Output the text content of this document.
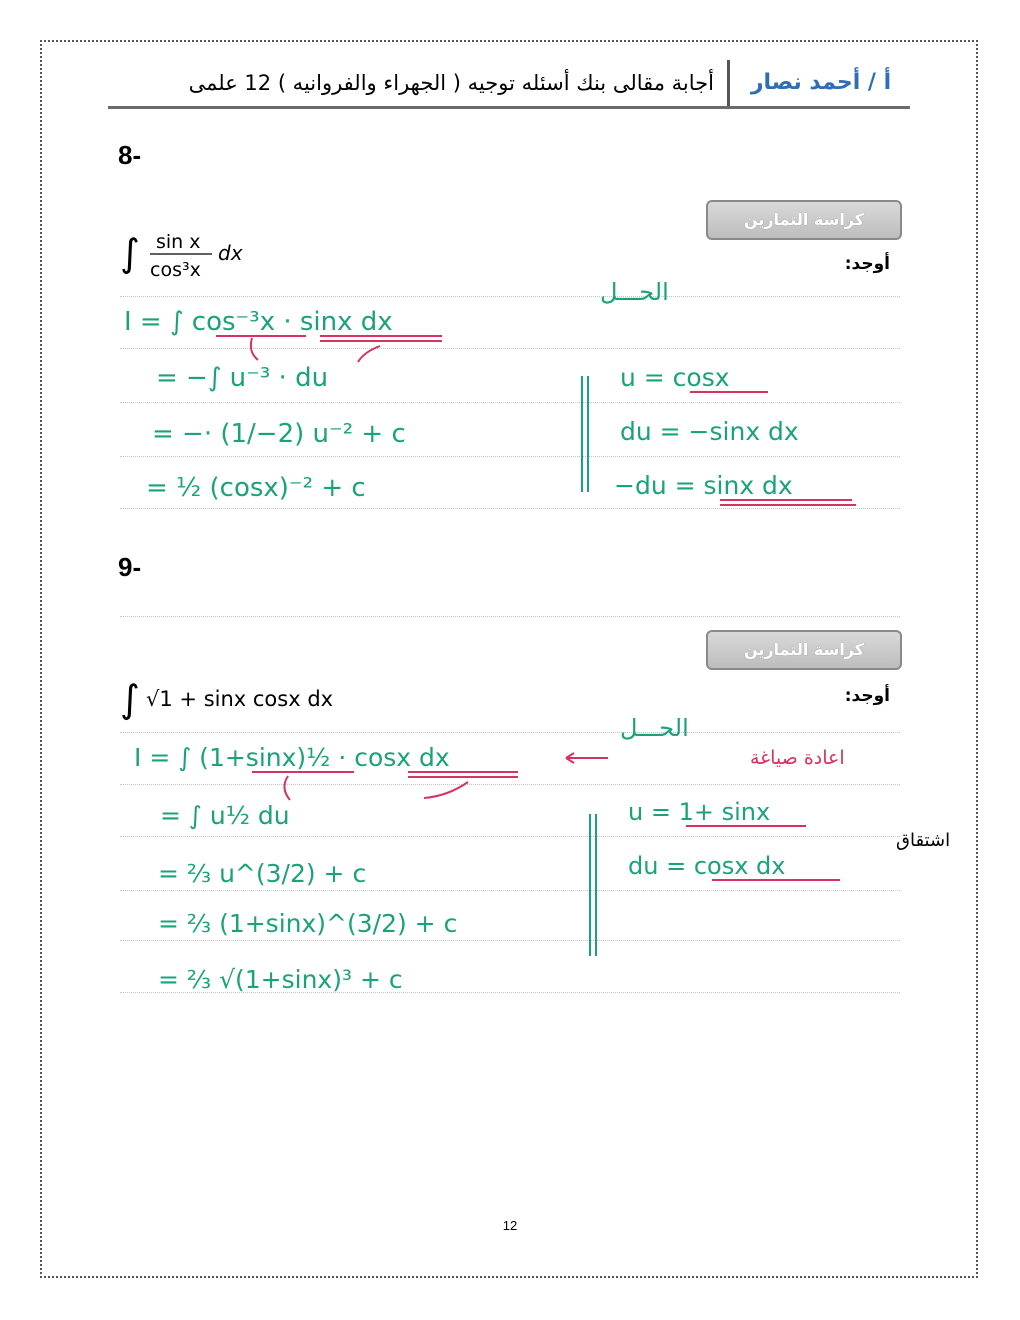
أ / أحمد نصار
أجابة مقالى بنك أسئله توجيه ( الجهراء والفروانيه ) 12 علمى
8-
كراسة التمارين
أوجد:
∫ sin x
cos³x
dx
الحـــل
I = ∫ cos⁻³x · sinx dx
= −∫ u⁻³ · du
= −· (1/−2) u⁻² + c
= ½ (cosx)⁻² + c
u = cosx
du = −sinx dx
−du = sinx dx
9-
كراسة التمارين
أوجد:
∫ √1 + sinx cosx dx
الحـــل
اعادة صياغة
اشتقاق
I = ∫ (1+sinx)½ · cosx dx
= ∫ u½ du
= ⅔ u^(3/2) + c
= ⅔ (1+sinx)^(3/2) + c
= ⅔ √(1+sinx)³ + c
u = 1+ sinx
du = cosx dx
12
